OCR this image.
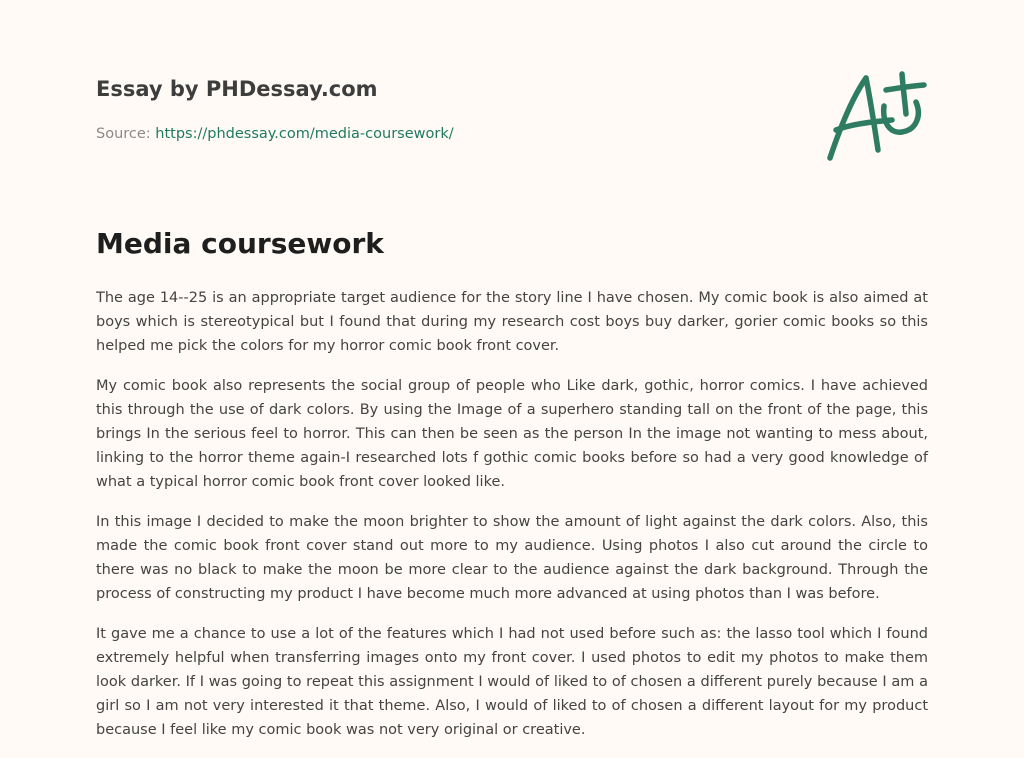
Essay by PHDessay.com
Source: https://phdessay.com/media-coursework/
Media coursework

The age 14--25 is an appropriate target audience for the story line I have chosen. My comic book is also aimed at boys which is stereotypical but I found that during my research cost boys buy darker, gorier comic books so this helped me pick the colors for my horror comic book front cover.

My comic book also represents the social group of people who Like dark, gothic, horror comics. I have achieved this through the use of dark colors. By using the Image of a superhero standing tall on the front of the page, this brings In the serious feel to horror. This can then be seen as the person In the image not wanting to mess about, linking to the horror theme again-I researched lots f gothic comic books before so had a very good knowledge of what a typical horror comic book front cover looked like.

In this image I decided to make the moon brighter to show the amount of light against the dark colors. Also, this made the comic book front cover stand out more to my audience. Using photos I also cut around the circle to there was no black to make the moon be more clear to the audience against the dark background. Through the process of constructing my product I have become much more advanced at using photos than I was before.

It gave me a chance to use a lot of the features which I had not used before such as: the lasso tool which I found extremely helpful when transferring images onto my front cover. I used photos to edit my photos to make them look darker. If I was going to repeat this assignment I would of liked to of chosen a different purely because I am a girl so I am not very interested it that theme. Also, I would of liked to of chosen a different layout for my product because I feel like my comic book was not very original or creative.
